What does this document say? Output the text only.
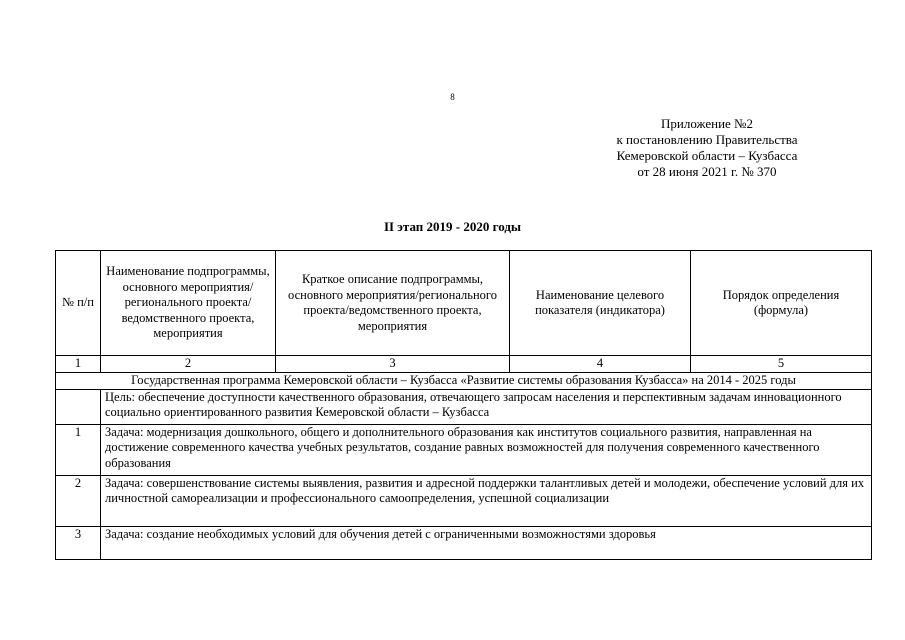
8
Приложение №2
к постановлению Правительства
Кемеровской области – Кузбасса
от 28 июня 2021 г. № 370
II этап 2019 - 2020 годы
№ п/п	Наименование подпрограммы, основного мероприятия/ регионального проекта/ведомственного проекта, мероприятия	Краткое описание подпрограммы, основного мероприятия/регионального проекта/ведомственного проекта, мероприятия	Наименование целевого показателя (индикатора)	Порядок определения (формула)
1	2	3	4	5
Государственная программа Кемеровской области – Кузбасса «Развитие системы образования Кузбасса» на 2014 - 2025 годы				
	Цель: обеспечение доступности качественного образования, отвечающего запросам населения и перспективным задачам инновационного социально ориентированного развития Кемеровской области – Кузбасса			
1	Задача: модернизация дошкольного, общего и дополнительного образования как институтов социального развития, направленная на достижение современного качества учебных результатов, создание равных возможностей для получения современного качественного образования			
2	Задача: совершенствование системы выявления, развития и адресной поддержки талантливых детей и молодежи, обеспечение условий для их личностной самореализации и профессионального самоопределения, успешной социализации			
3	Задача: создание необходимых условий для обучения детей с ограниченными возможностями здоровья			
